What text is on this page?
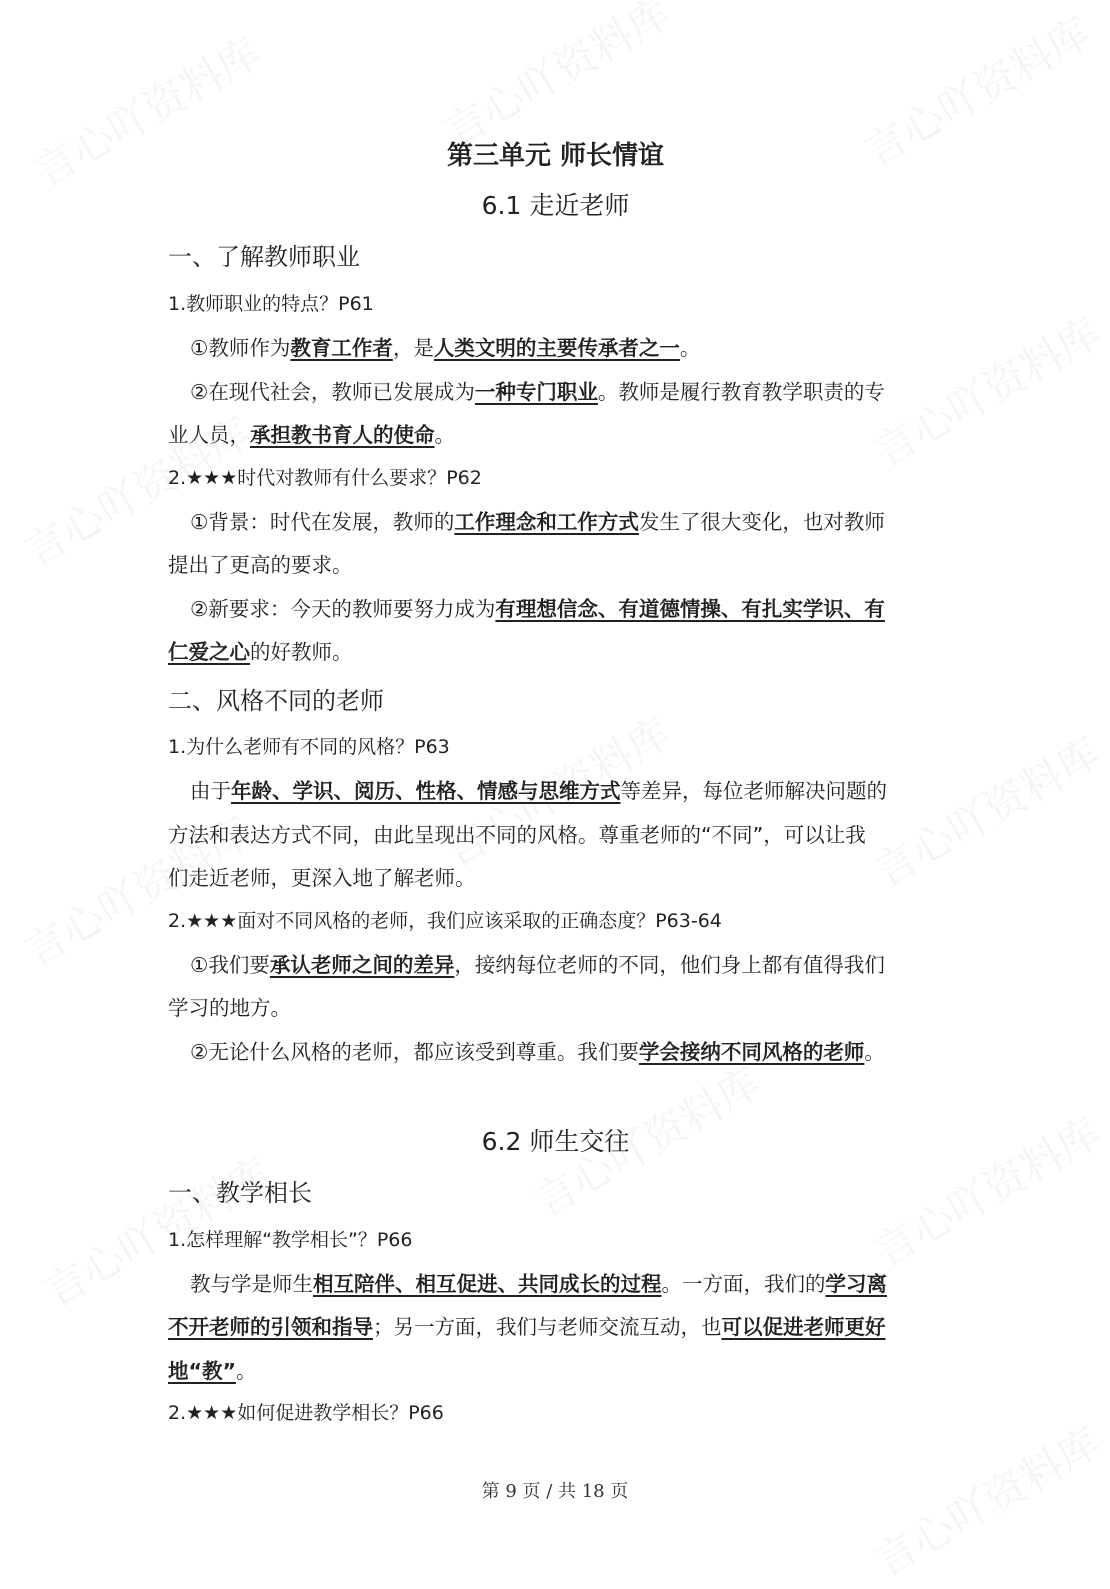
第三单元 师长情谊
6.1 走近老师
一、了解教师职业
1.教师职业的特点？P61
①教师作为教育工作者，是人类文明的主要传承者之一。
②在现代社会，教师已发展成为一种专门职业。教师是履行教育教学职责的专
业人员，承担教书育人的使命。
2.★★★时代对教师有什么要求？P62
①背景：时代在发展，教师的工作理念和工作方式发生了很大变化，也对教师
提出了更高的要求。
②新要求：今天的教师要努力成为有理想信念、有道德情操、有扎实学识、有
仁爱之心的好教师。
二、风格不同的老师
1.为什么老师有不同的风格？P63
由于年龄、学识、阅历、性格、情感与思维方式等差异，每位老师解决问题的
方法和表达方式不同，由此呈现出不同的风格。尊重老师的“不同”，可以让我
们走近老师，更深入地了解老师。
2.★★★面对不同风格的老师，我们应该采取的正确态度？P63-64
①我们要承认老师之间的差异，接纳每位老师的不同，他们身上都有值得我们
学习的地方。
②无论什么风格的老师，都应该受到尊重。我们要学会接纳不同风格的老师。
6.2 师生交往
一、教学相长
1.怎样理解“教学相长”？P66
教与学是师生相互陪伴、相互促进、共同成长的过程。一方面，我们的学习离
不开老师的引领和指导；另一方面，我们与老师交流互动，也可以促进老师更好
地“教”。
2.★★★如何促进教学相长？P66
第 9 页 / 共 18 页
